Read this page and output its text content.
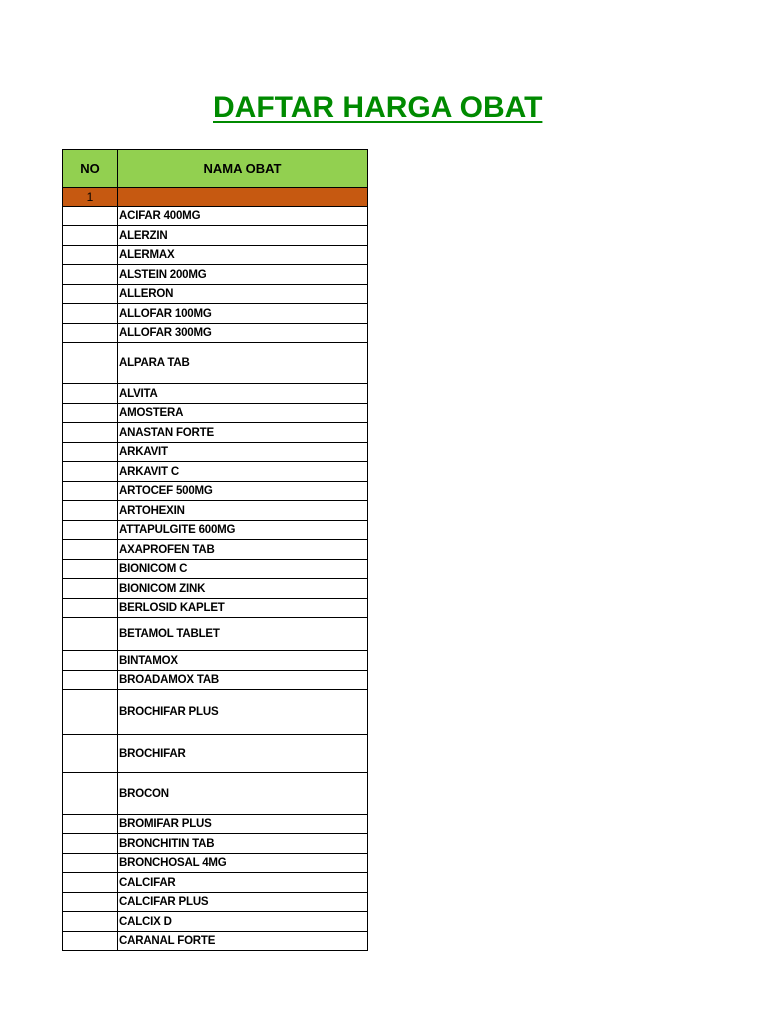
DAFTAR HARGA OBAT
NO	NAMA OBAT
1	
	ACIFAR 400MG
	ALERZIN
	ALERMAX
	ALSTEIN 200MG
	ALLERON
	ALLOFAR 100MG
	ALLOFAR 300MG
	ALPARA TAB
	ALVITA
	AMOSTERA
	ANASTAN FORTE
	ARKAVIT
	ARKAVIT C
	ARTOCEF 500MG
	ARTOHEXIN
	ATTAPULGITE 600MG
	AXAPROFEN TAB
	BIONICOM C
	BIONICOM ZINK
	BERLOSID KAPLET
	BETAMOL TABLET
	BINTAMOX
	BROADAMOX TAB
	BROCHIFAR PLUS
	BROCHIFAR
	BROCON
	BROMIFAR PLUS
	BRONCHITIN TAB
	BRONCHOSAL 4MG
	CALCIFAR
	CALCIFAR PLUS
	CALCIX D
	CARANAL FORTE
